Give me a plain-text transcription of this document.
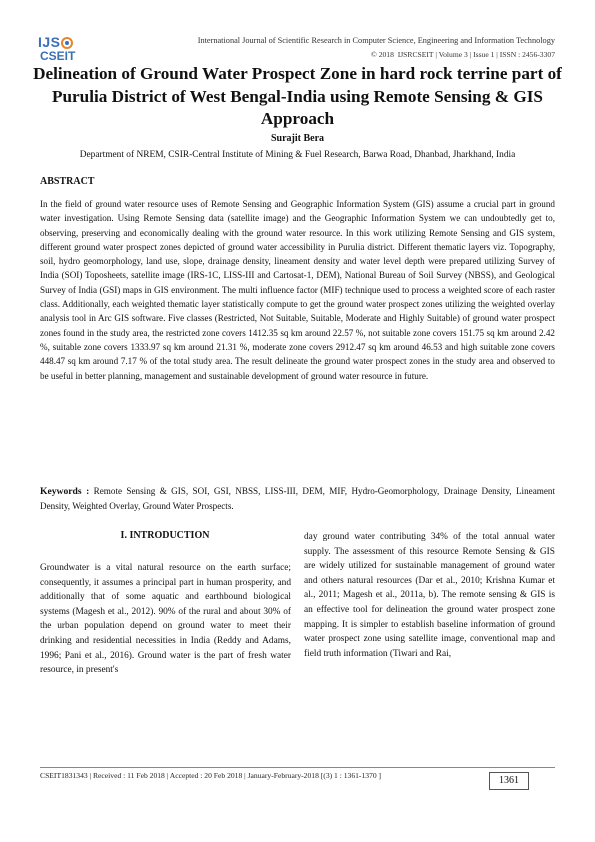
IJS
CSEIT
International Journal of Scientific Research in Computer Science, Engineering and Information Technology
© 2018  IJSRCSEIT | Volume 3 | Issue 1 | ISSN : 2456-3307
Delineation of Ground Water Prospect Zone in hard rock terrine part of Purulia District of West Bengal-India using Remote Sensing & GIS Approach
Surajit Bera
Department of NREM, CSIR-Central Institute of Mining & Fuel Research, Barwa Road, Dhanbad, Jharkhand, India
ABSTRACT
In the field of ground water resource uses of Remote Sensing and Geographic Information System (GIS) assume a crucial part in ground water investigation. Using Remote Sensing data (satellite image) and the Geographic Information System we can undoubtedly get to, observing, preserving and economically dealing with the ground water resource. In this work utilizing Remote Sensing and GIS system, different ground water prospect zones depicted of ground water accessibility in Purulia district. Different thematic layers viz. Topography, soil, hydro geomorphology, land use, slope, drainage density, lineament density and water level depth were prepared utilizing Survey of India (SOI) Toposheets, satellite image (IRS-1C, LISS-III and Cartosat-1, DEM), National Bureau of Soil Survey (NBSS), and Geological Survey of India (GSI) maps in GIS environment. The multi influence factor (MIF) technique used to process a weighted score of each raster class. Additionally, each weighted thematic layer statistically compute to get the ground water prospect zones utilizing the weighted overlay analysis tool in Arc GIS software. Five classes (Restricted, Not Suitable, Suitable, Moderate and Highly Suitable) of ground water prospect zones found in the study area, the restricted zone covers 1412.35 sq km around 22.57 %, not suitable zone covers 151.75 sq km around 2.42 %, suitable zone covers 1333.97 sq km around 21.31 %, moderate zone covers 2912.47 sq km around 46.53 and high suitable zone covers 448.47 sq km around 7.17 % of the total study area. The result delineate the ground water prospect zones in the study area and observed to be useful in better planning, management and sustainable development of ground water resource in future.
Keywords : Remote Sensing & GIS, SOI, GSI, NBSS, LISS-III, DEM, MIF, Hydro-Geomorphology, Drainage Density, Lineament Density, Weighted Overlay, Ground Water Prospects.
I. INTRODUCTION
Groundwater is a vital natural resource on the earth surface; consequently, it assumes a principal part in human prosperity, and additionally that of some aquatic and earthbound biological systems (Magesh et al., 2012). 90% of the rural and about 30% of the urban population depend on ground water to meet their drinking and residential necessities in India (Reddy and Adams, 1996; Pani et al., 2016). Ground water is the part of fresh water resource, in present's
day ground water contributing 34% of the total annual water supply. The assessment of this resource Remote Sensing & GIS are widely utilized for sustainable management of ground water and others natural resources (Dar et al., 2010; Krishna Kumar et al., 2011; Magesh et al., 2011a, b). The remote sensing & GIS is an effective tool for delineation the ground water prospect zone mapping. It is simpler to establish baseline information of ground water prospect zone using satellite image, conventional map and field truth information (Tiwari and Rai,
CSEIT1831343 | Received : 11 Feb 2018 | Accepted : 20 Feb 2018 | January-February-2018 [(3) 1 : 1361-1370 ]	1361
